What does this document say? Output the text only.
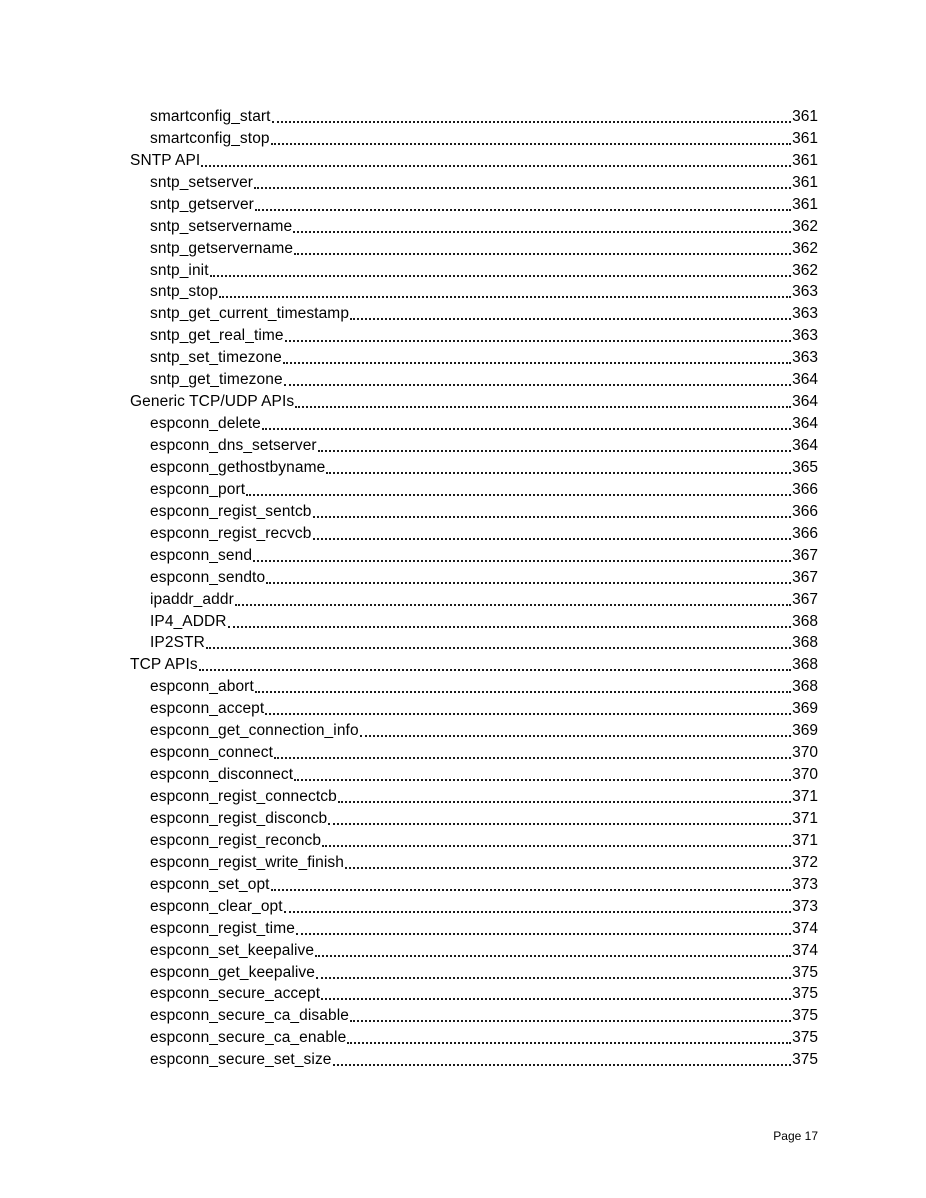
smartconfig_start	361
smartconfig_stop	361
SNTP API	361
sntp_setserver	361
sntp_getserver	361
sntp_setservername	362
sntp_getservername	362
sntp_init	362
sntp_stop	363
sntp_get_current_timestamp	363
sntp_get_real_time	363
sntp_set_timezone	363
sntp_get_timezone	364
Generic TCP/UDP APIs	364
espconn_delete	364
espconn_dns_setserver	364
espconn_gethostbyname	365
espconn_port	366
espconn_regist_sentcb	366
espconn_regist_recvcb	366
espconn_send	367
espconn_sendto	367
ipaddr_addr	367
IP4_ADDR	368
IP2STR	368
TCP APIs	368
espconn_abort	368
espconn_accept	369
espconn_get_connection_info	369
espconn_connect	370
espconn_disconnect	370
espconn_regist_connectcb	371
espconn_regist_disconcb	371
espconn_regist_reconcb	371
espconn_regist_write_finish	372
espconn_set_opt	373
espconn_clear_opt	373
espconn_regist_time	374
espconn_set_keepalive	374
espconn_get_keepalive	375
espconn_secure_accept	375
espconn_secure_ca_disable	375
espconn_secure_ca_enable	375
espconn_secure_set_size	375
Page 17
